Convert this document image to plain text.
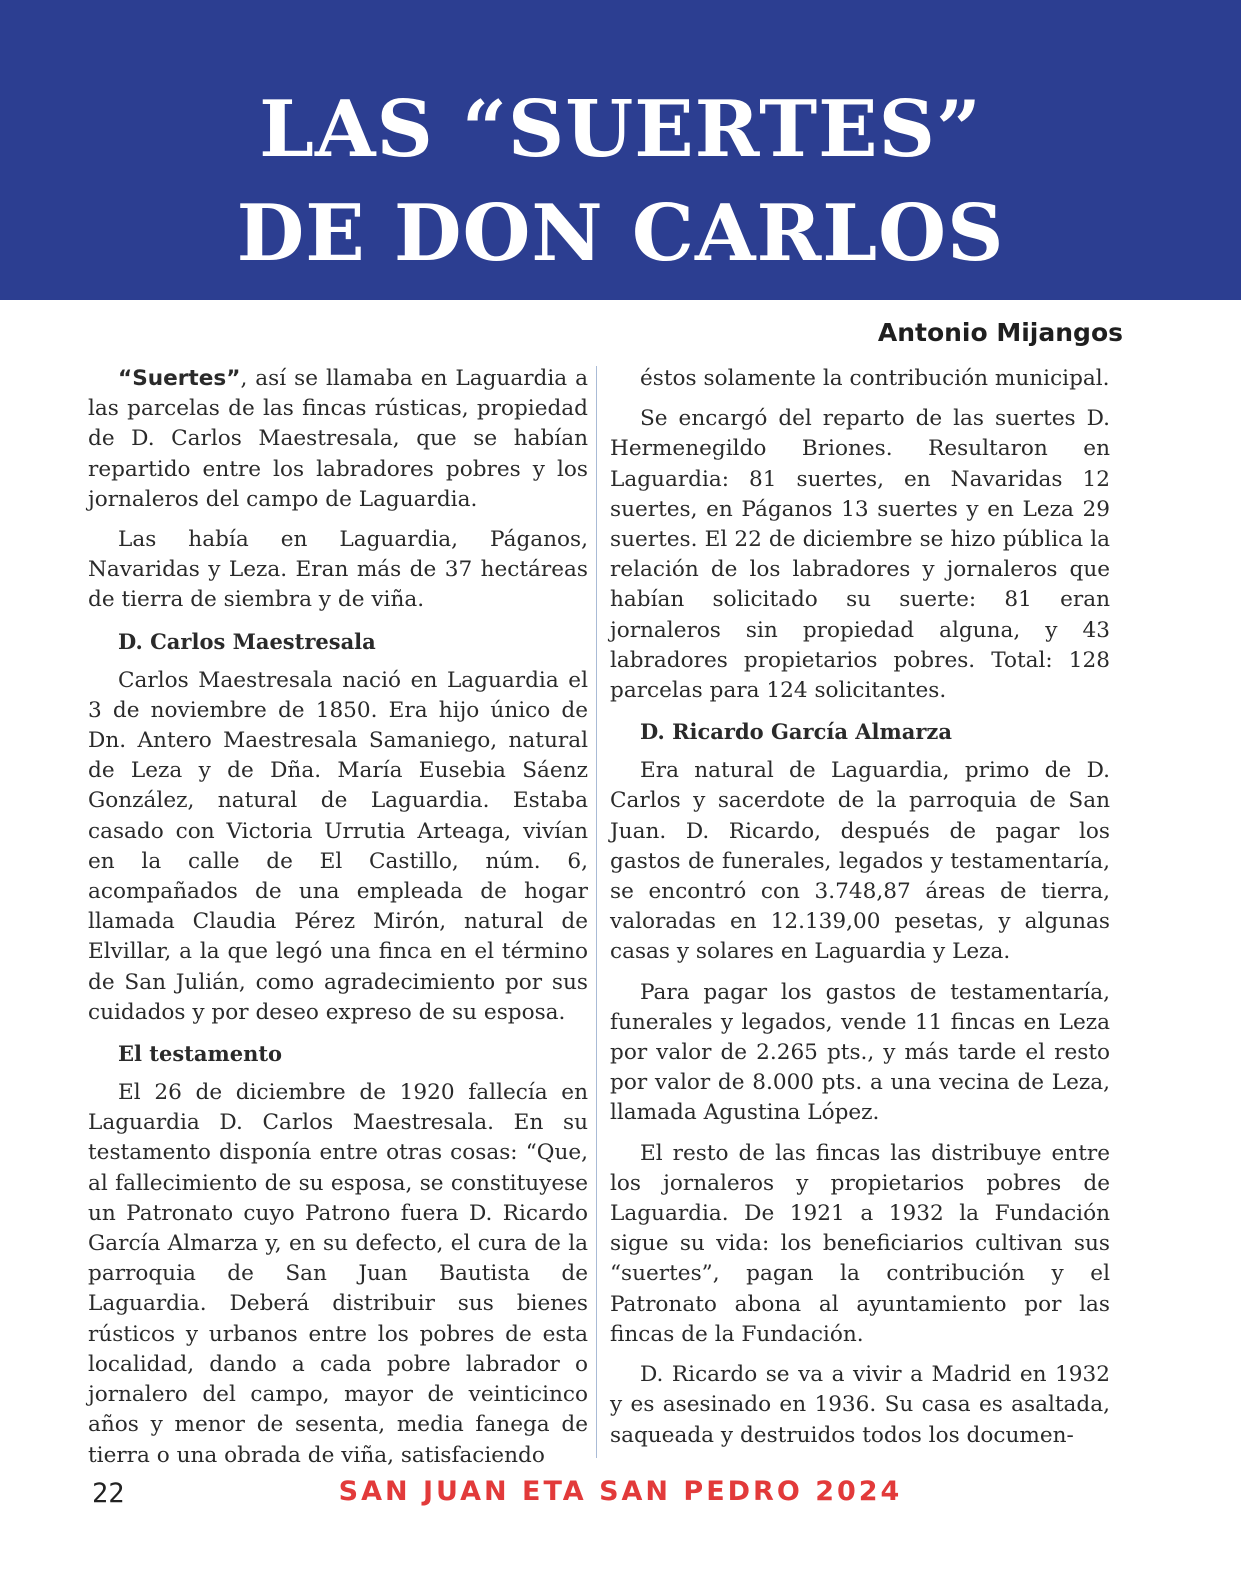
LAS “SUERTES”
DE DON CARLOS
Antonio Mijangos

“Suertes”, así se llamaba en Laguardia a las parcelas de las fincas rústicas, propiedad de D. Carlos Maestresala, que se habían repartido entre los labradores pobres y los jornaleros del campo de Laguardia.

Las había en Laguardia, Páganos, Navaridas y Leza. Eran más de 37 hectáreas de tierra de siembra y de viña.

D. Carlos Maestresala

Carlos Maestresala nació en Laguardia el 3 de noviembre de 1850. Era hijo único de Dn. Antero Maestresala Samaniego, natural de Leza y de Dña. María Eusebia Sáenz González, natural de Laguardia. Estaba casado con Victoria Urrutia Arteaga, vivían en la calle de El Castillo, núm. 6, acompañados de una empleada de hogar llamada Claudia Pérez Mirón, natural de Elvillar, a la que legó una finca en el término de San Julián, como agradecimiento por sus cuidados y por deseo expreso de su esposa.

El testamento

El 26 de diciembre de 1920 fallecía en Laguardia D. Carlos Maestresala. En su testamento disponía entre otras cosas: “Que, al fallecimiento de su esposa, se constituyese un Patronato cuyo Patrono fuera D. Ricardo García Almarza y, en su defecto, el cura de la parroquia de San Juan Bautista de Laguardia. Deberá distribuir sus bienes rústicos y urbanos entre los pobres de esta localidad, dando a cada pobre labrador o jornalero del campo, mayor de veinticinco años y menor de sesenta, media fanega de tierra o una obrada de viña, satisfaciendo

éstos solamente la contribución municipal.

Se encargó del reparto de las suertes D. Hermenegildo Briones. Resultaron en Laguardia: 81 suertes, en Navaridas 12 suertes, en Páganos 13 suertes y en Leza 29 suertes. El 22 de diciembre se hizo pública la relación de los labradores y jornaleros que habían solicitado su suerte: 81 eran jornaleros sin propiedad alguna, y 43 labradores propietarios pobres. Total: 128 parcelas para 124 solicitantes.

D. Ricardo García Almarza

Era natural de Laguardia, primo de D. Carlos y sacerdote de la parroquia de San Juan. D. Ricardo, después de pagar los gastos de funerales, legados y testamentaría, se encontró con 3.748,87 áreas de tierra, valoradas en 12.139,00 pesetas, y algunas casas y solares en Laguardia y Leza.

Para pagar los gastos de testamentaría, funerales y legados, vende 11 fincas en Leza por valor de 2.265 pts., y más tarde el resto por valor de 8.000 pts. a una vecina de Leza, llamada Agustina López.

El resto de las fincas las distribuye entre los jornaleros y propietarios pobres de Laguardia. De 1921 a 1932 la Fundación sigue su vida: los beneficiarios cultivan sus “suertes”, pagan la contribución y el Patronato abona al ayuntamiento por las fincas de la Fundación.

D. Ricardo se va a vivir a Madrid en 1932 y es asesinado en 1936. Su casa es asaltada, saqueada y destruidos todos los documen-

22	SAN JUAN ETA SAN PEDRO 2024
